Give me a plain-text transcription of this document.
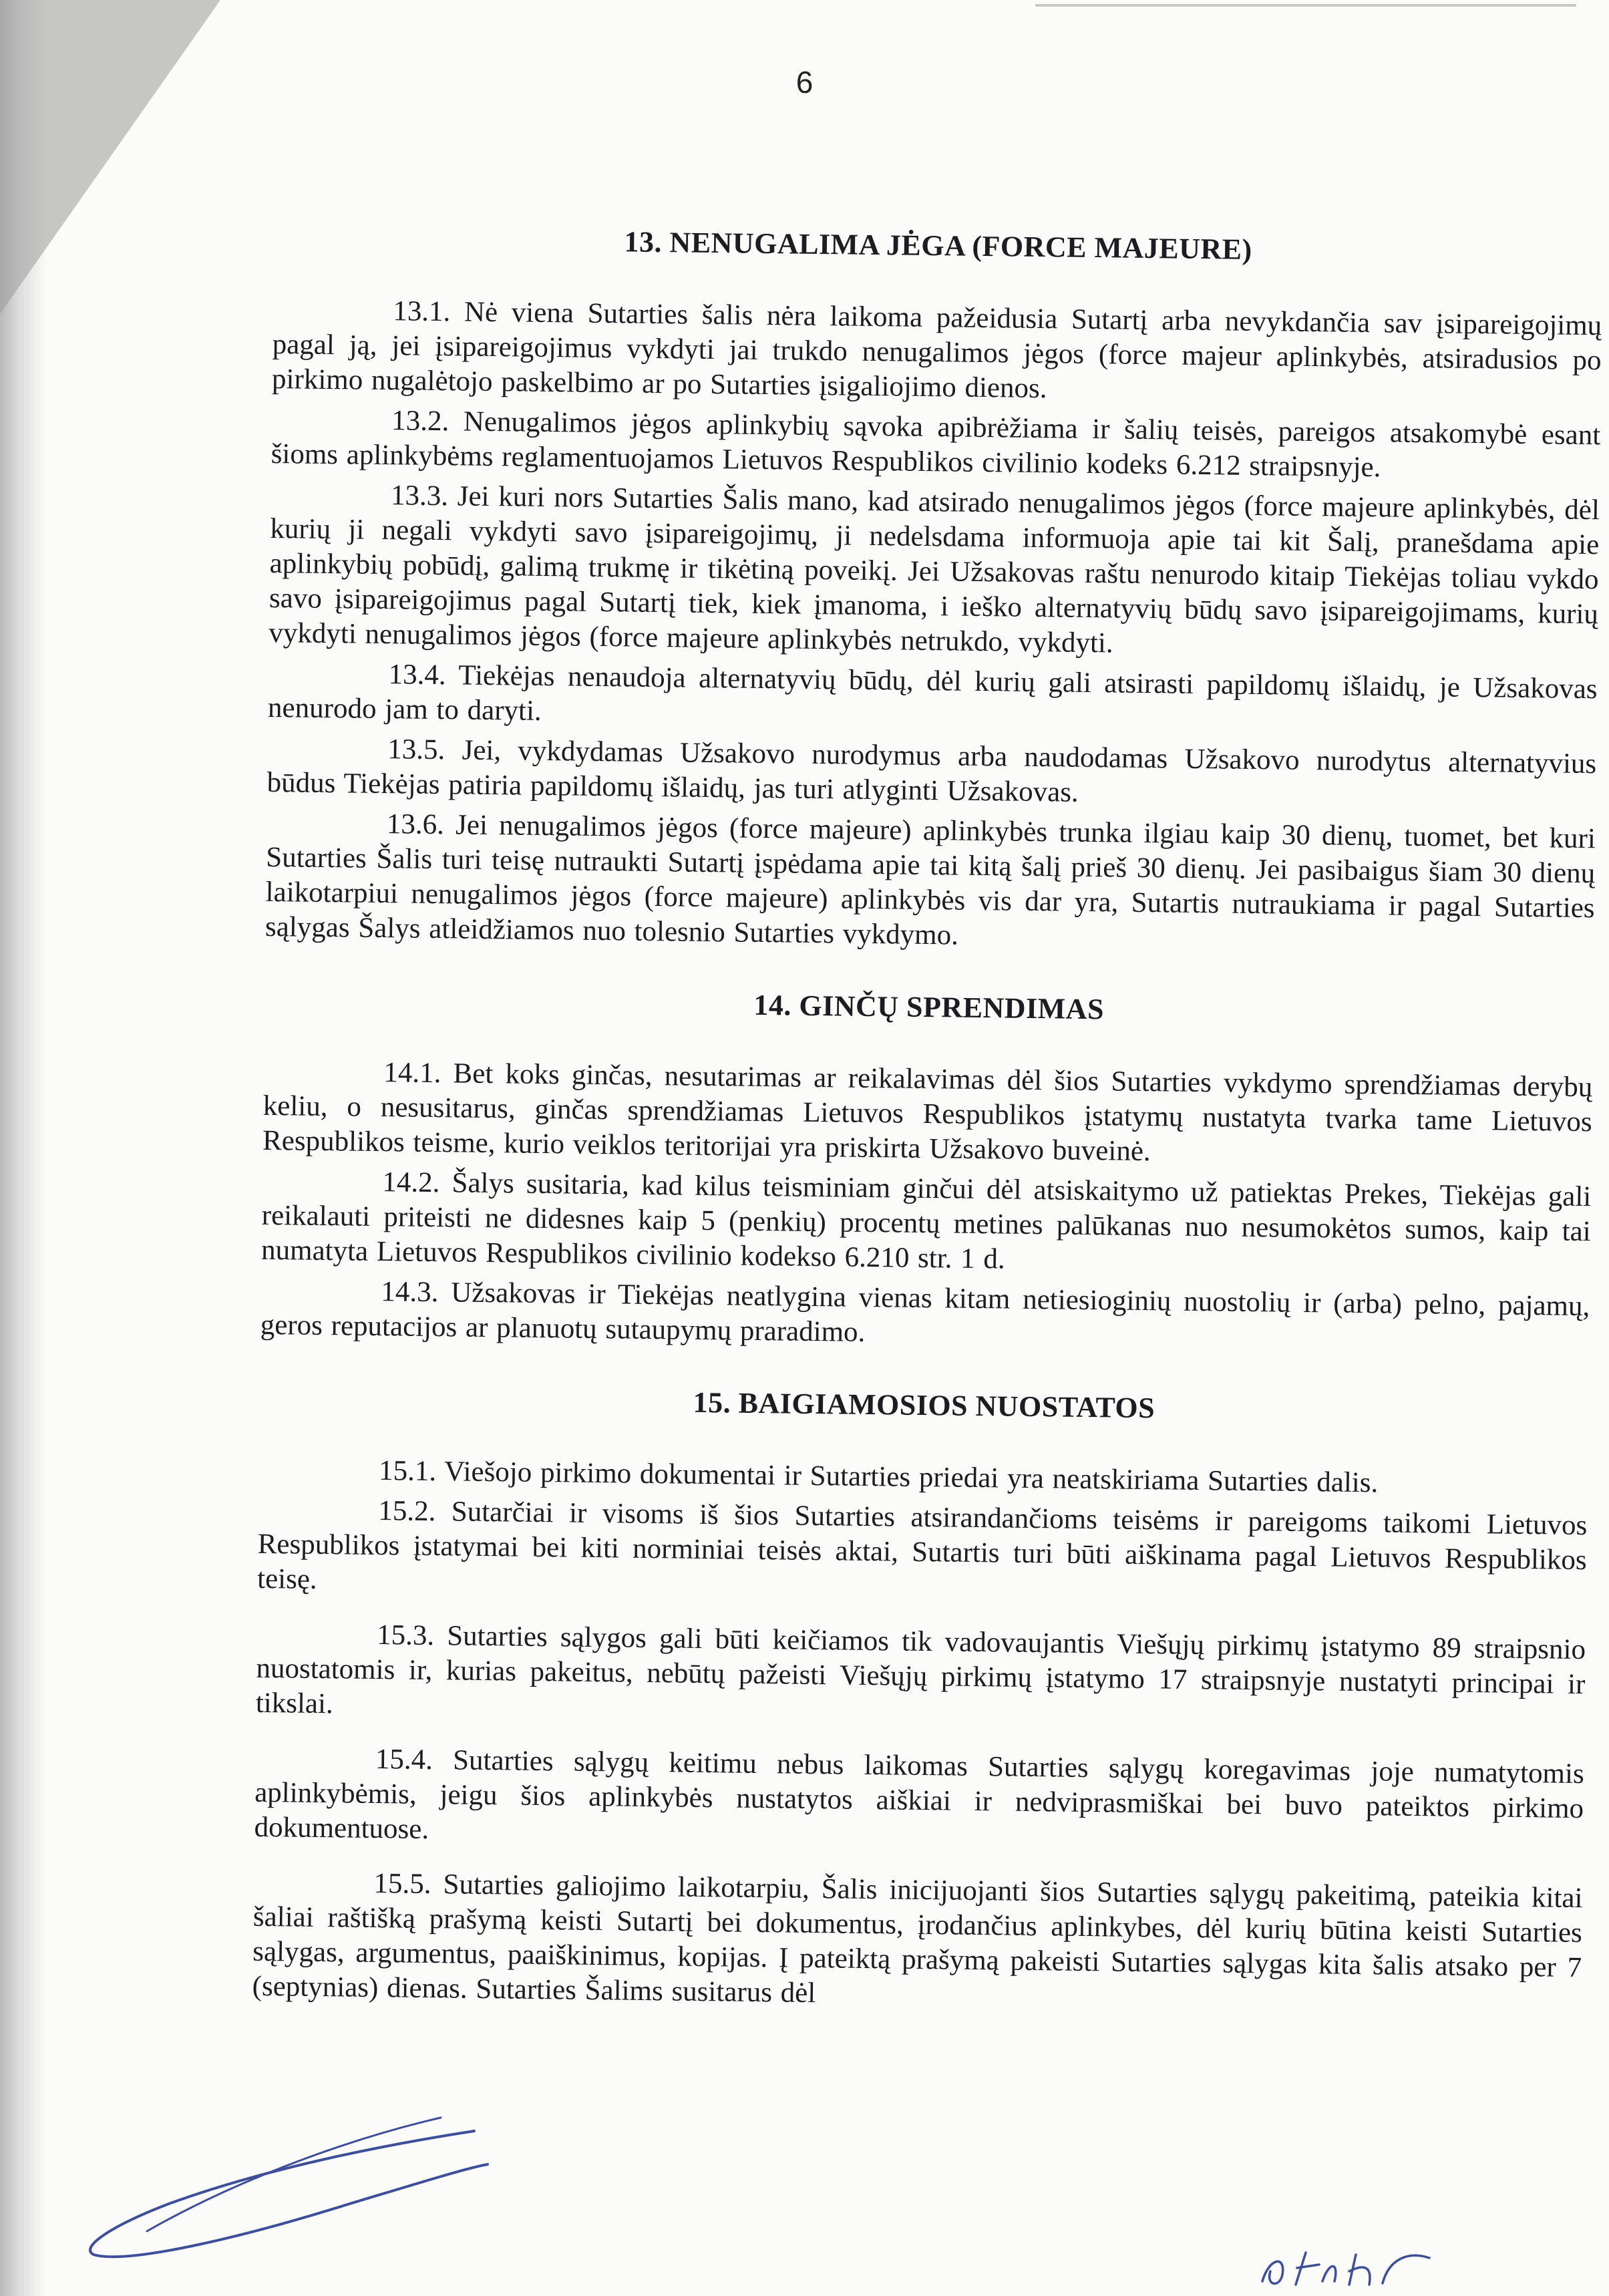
6
13. NENUGALIMA JĖGA (FORCE MAJEURE)

13.1. Nė viena Sutarties šalis nėra laikoma pažeidusia Sutartį arba nevykdančia sav įsipareigojimų pagal ją, jei įsipareigojimus vykdyti jai trukdo nenugalimos jėgos (force majeur aplinkybės, atsiradusios po pirkimo nugalėtojo paskelbimo ar po Sutarties įsigaliojimo dienos.

13.2. Nenugalimos jėgos aplinkybių sąvoka apibrėžiama ir šalių teisės, pareigos atsakomybė esant šioms aplinkybėms reglamentuojamos Lietuvos Respublikos civilinio kodeks 6.212 straipsnyje.

13.3. Jei kuri nors Sutarties Šalis mano, kad atsirado nenugalimos jėgos (force majeure aplinkybės, dėl kurių ji negali vykdyti savo įsipareigojimų, ji nedelsdama informuoja apie tai kit Šalį, pranešdama apie aplinkybių pobūdį, galimą trukmę ir tikėtiną poveikį. Jei Užsakovas raštu nenurodo kitaip Tiekėjas toliau vykdo savo įsipareigojimus pagal Sutartį tiek, kiek įmanoma, i ieško alternatyvių būdų savo įsipareigojimams, kurių vykdyti nenugalimos jėgos (force majeure aplinkybės netrukdo, vykdyti.

13.4. Tiekėjas nenaudoja alternatyvių būdų, dėl kurių gali atsirasti papildomų išlaidų, je Užsakovas nenurodo jam to daryti.

13.5. Jei, vykdydamas Užsakovo nurodymus arba naudodamas Užsakovo nurodytus alternatyvius būdus Tiekėjas patiria papildomų išlaidų, jas turi atlyginti Užsakovas.

13.6. Jei nenugalimos jėgos (force majeure) aplinkybės trunka ilgiau kaip 30 dienų, tuomet, bet kuri Sutarties Šalis turi teisę nutraukti Sutartį įspėdama apie tai kitą šalį prieš 30 dienų. Jei pasibaigus šiam 30 dienų laikotarpiui nenugalimos jėgos (force majeure) aplinkybės vis dar yra, Sutartis nutraukiama ir pagal Sutarties sąlygas Šalys atleidžiamos nuo tolesnio Sutarties vykdymo.

14. GINČŲ SPRENDIMAS

14.1. Bet koks ginčas, nesutarimas ar reikalavimas dėl šios Sutarties vykdymo sprendžiamas derybų keliu, o nesusitarus, ginčas sprendžiamas Lietuvos Respublikos įstatymų nustatyta tvarka tame Lietuvos Respublikos teisme, kurio veiklos teritorijai yra priskirta Užsakovo buveinė.

14.2. Šalys susitaria, kad kilus teisminiam ginčui dėl atsiskaitymo už patiektas Prekes, Tiekėjas gali reikalauti priteisti ne didesnes kaip 5 (penkių) procentų metines palūkanas nuo nesumokėtos sumos, kaip tai numatyta Lietuvos Respublikos civilinio kodekso 6.210 str. 1 d.

14.3. Užsakovas ir Tiekėjas neatlygina vienas kitam netiesioginių nuostolių ir (arba) pelno, pajamų, geros reputacijos ar planuotų sutaupymų praradimo.

15. BAIGIAMOSIOS NUOSTATOS

15.1. Viešojo pirkimo dokumentai ir Sutarties priedai yra neatskiriama Sutarties dalis.

15.2. Sutarčiai ir visoms iš šios Sutarties atsirandančioms teisėms ir pareigoms taikomi Lietuvos Respublikos įstatymai bei kiti norminiai teisės aktai, Sutartis turi būti aiškinama pagal Lietuvos Respublikos teisę.

15.3. Sutarties sąlygos gali būti keičiamos tik vadovaujantis Viešųjų pirkimų įstatymo 89 straipsnio nuostatomis ir, kurias pakeitus, nebūtų pažeisti Viešųjų pirkimų įstatymo 17 straipsnyje nustatyti principai ir tikslai.

15.4. Sutarties sąlygų keitimu nebus laikomas Sutarties sąlygų koregavimas joje numatytomis aplinkybėmis, jeigu šios aplinkybės nustatytos aiškiai ir nedviprasmiškai bei buvo pateiktos pirkimo dokumentuose.

15.5. Sutarties galiojimo laikotarpiu, Šalis inicijuojanti šios Sutarties sąlygų pakeitimą, pateikia kitai šaliai raštišką prašymą keisti Sutartį bei dokumentus, įrodančius aplinkybes, dėl kurių būtina keisti Sutarties sąlygas, argumentus, paaiškinimus, kopijas. Į pateiktą prašymą pakeisti Sutarties sąlygas kita šalis atsako per 7 (septynias) dienas. Sutarties Šalims susitarus dėl
